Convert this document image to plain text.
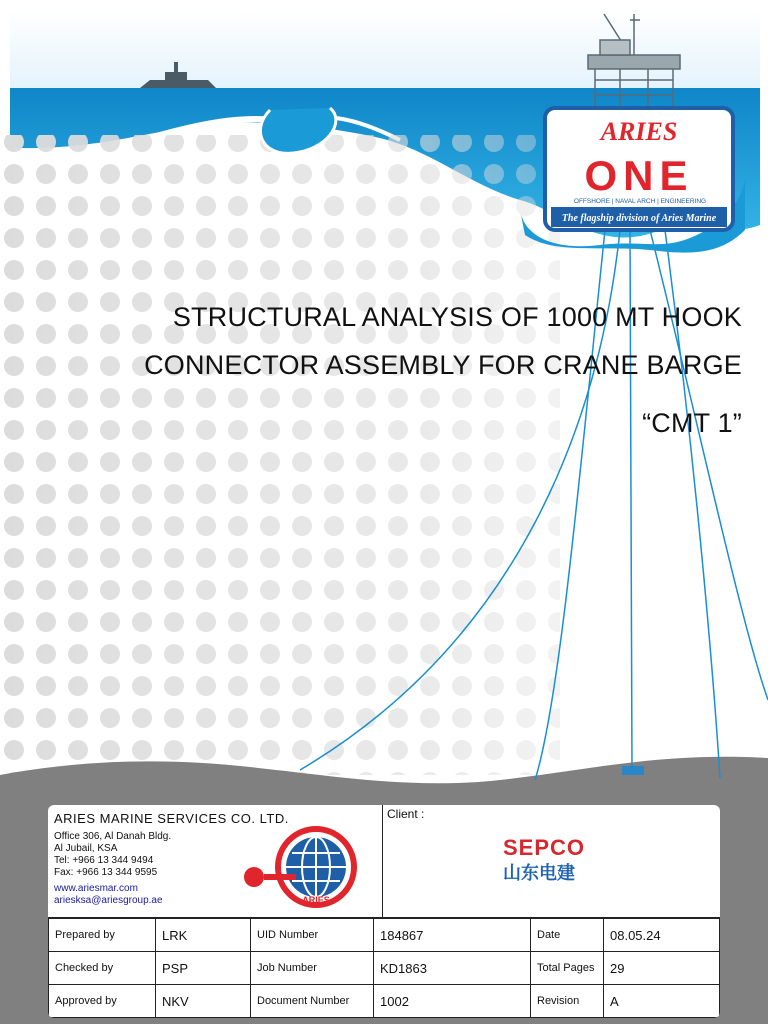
ARIES
ONE
OFFSHORE | NAVAL ARCH | ENGINEERING
The flagship division of Aries Marine
STRUCTURAL ANALYSIS OF 1000 MT HOOK
CONNECTOR ASSEMBLY FOR CRANE BARGE
“CMT 1”
ARIES MARINE SERVICES CO. LTD.
Office 306, Al Danah Bldg.
Al Jubail, KSA
Tel: +966 13 344 9494
Fax: +966 13 344 9595
www.ariesmar.com
ariesksa@ariesgroup.ae	ARIES
Client :
SEPCO
山东电建
Prepared by	LRK	UID Number	184867	Date	08.05.24
Checked by	PSP	Job Number	KD1863	Total Pages	29
Approved by	NKV	Document Number	1002	Revision	A
